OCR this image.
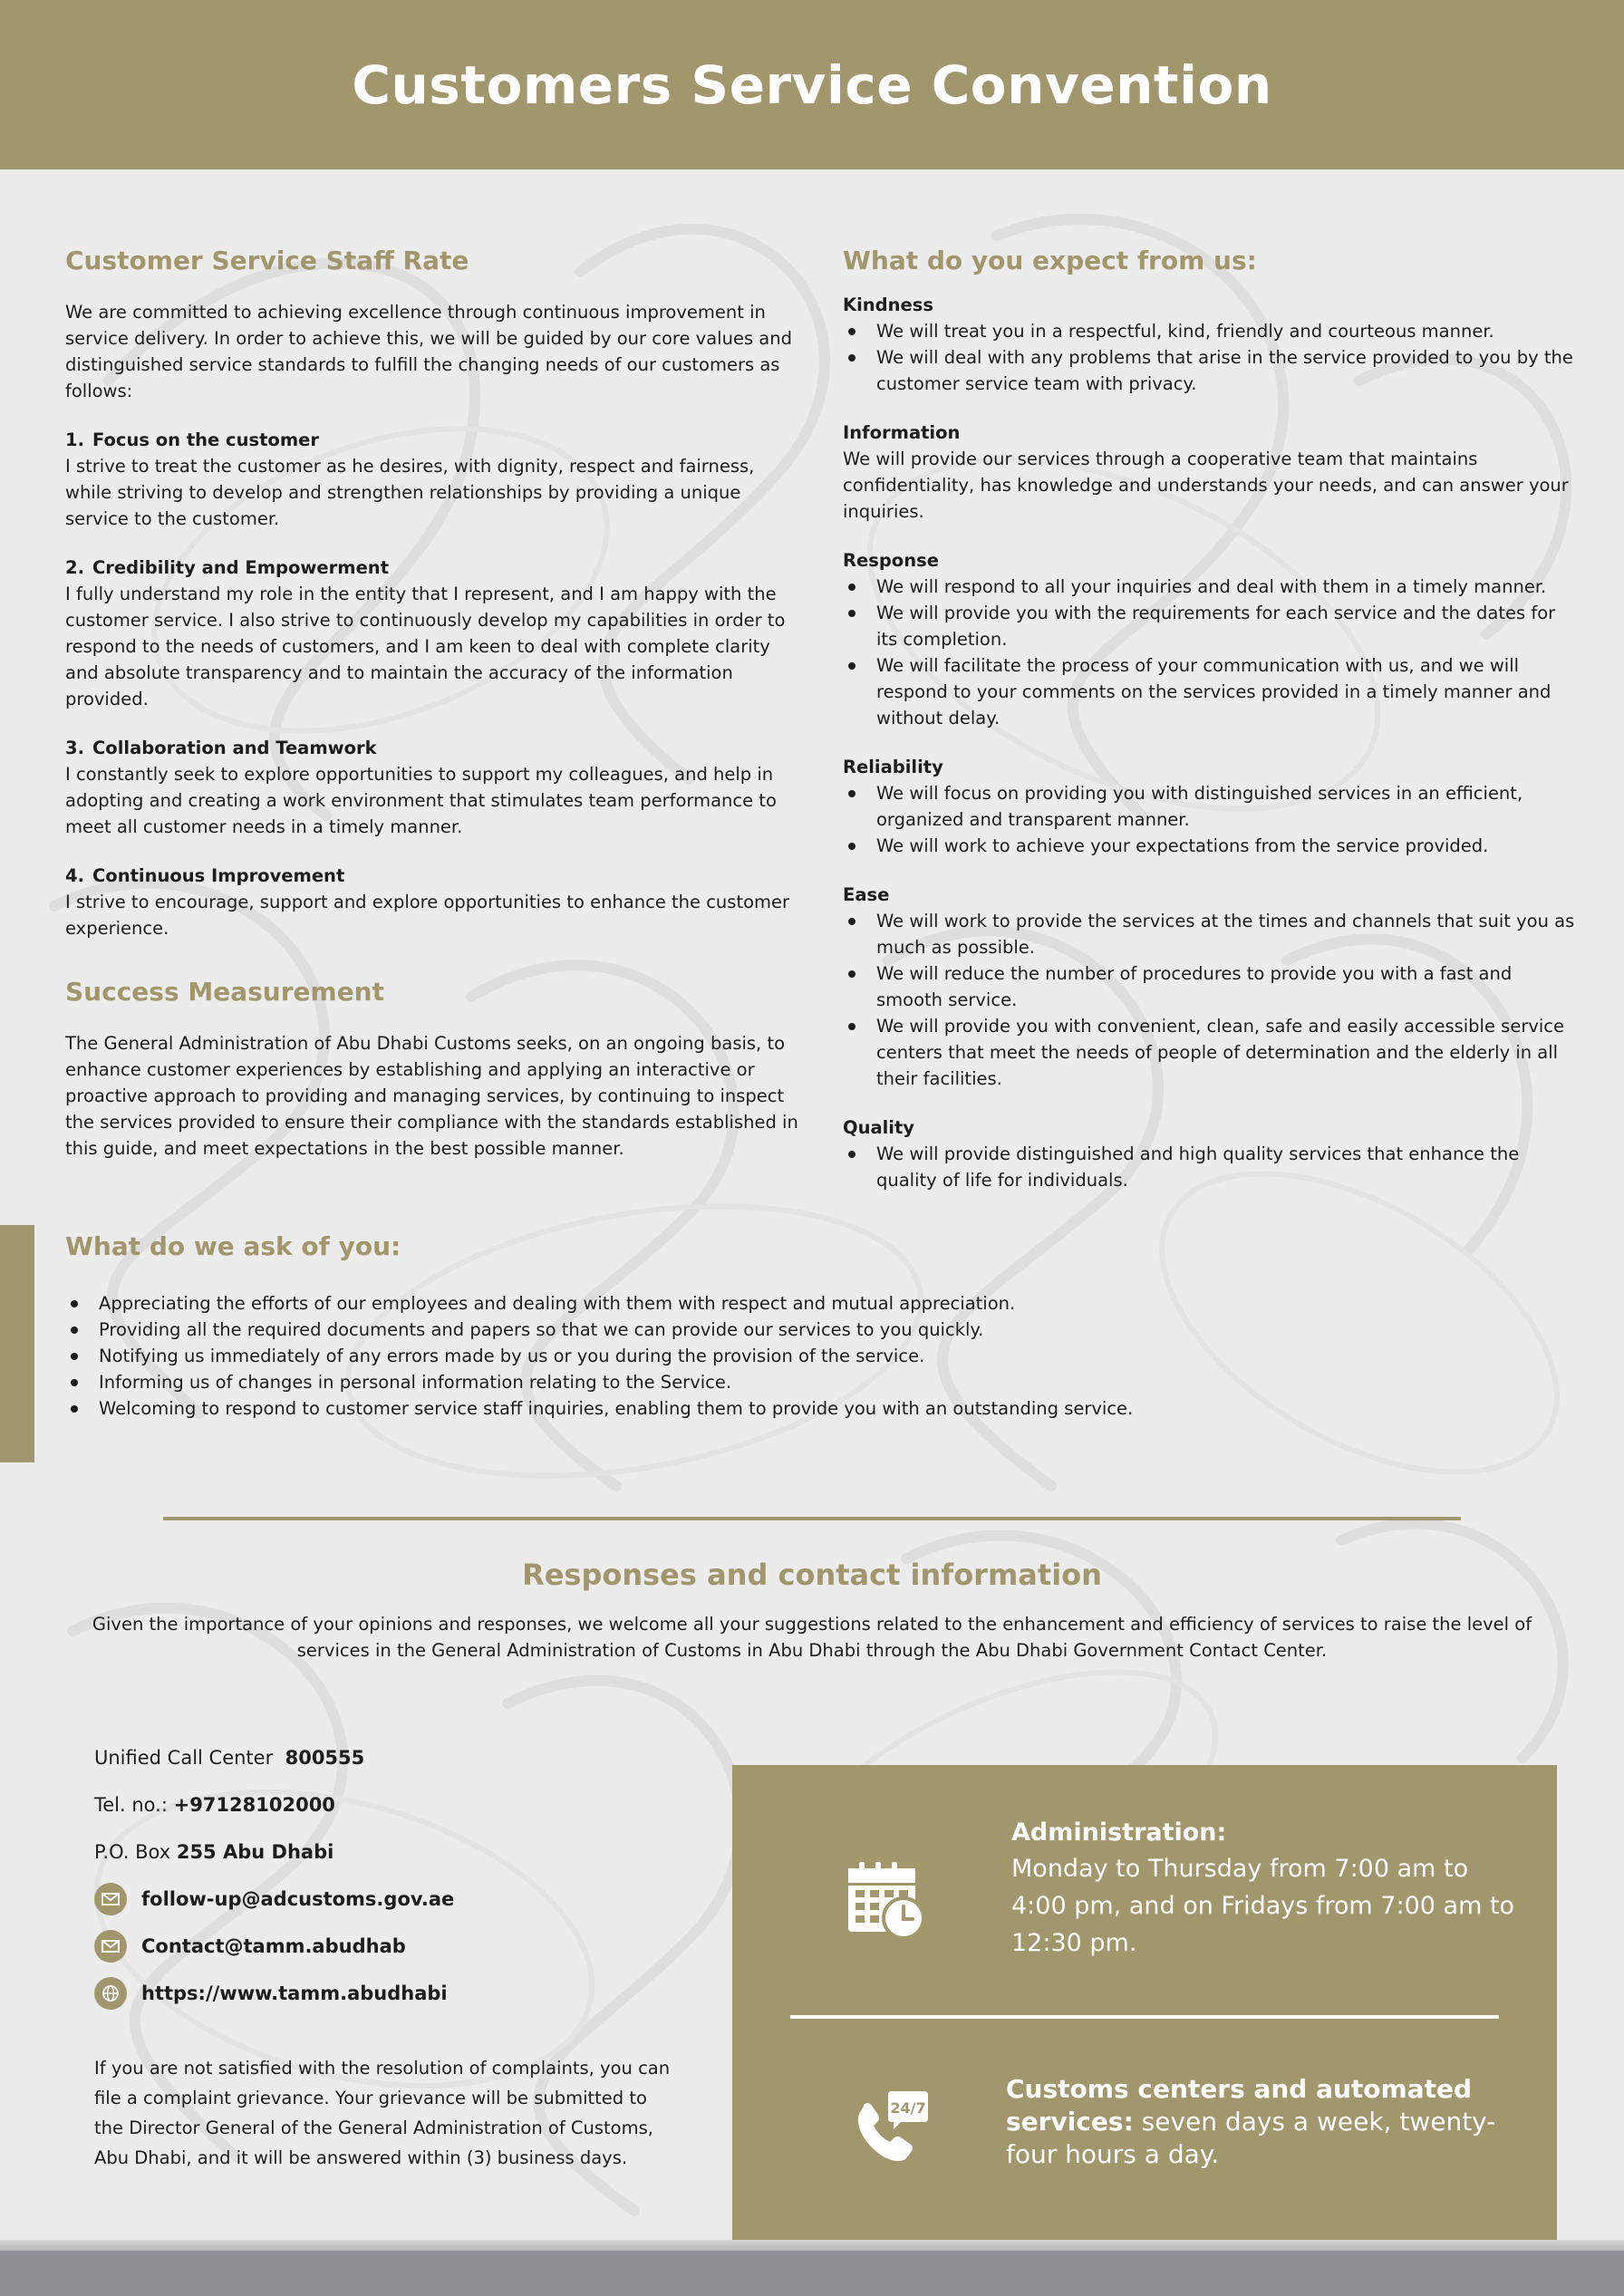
Customers Service Convention
Customer Service Staff Rate

We are committed to achieving excellence through continuous improvement in service delivery. In order to achieve this, we will be guided by our core values and distinguished service standards to fulfill the changing needs of our customers as follows:

1. Focus on the customer

I strive to treat the customer as he desires, with dignity, respect and fairness, while striving to develop and strengthen relationships by providing a unique service to the customer.

2. Credibility and Empowerment

I fully understand my role in the entity that I represent, and I am happy with the customer service. I also strive to continuously develop my capabilities in order to respond to the needs of customers, and I am keen to deal with complete clarity and absolute transparency and to maintain the accuracy of the information provided.

3. Collaboration and Teamwork

I constantly seek to explore opportunities to support my colleagues, and help in adopting and creating a work environment that stimulates team performance to meet all customer needs in a timely manner.

4. Continuous Improvement

I strive to encourage, support and explore opportunities to enhance the customer experience.

Success Measurement

The General Administration of Abu Dhabi Customs seeks, on an ongoing basis, to enhance customer experiences by establishing and applying an interactive or proactive approach to providing and managing services, by continuing to inspect the services provided to ensure their compliance with the standards established in this guide, and meet expectations in the best possible manner.

What do you expect from us:
Kindness
We will treat you in a respectful, kind, friendly and courteous manner.
We will deal with any problems that arise in the service provided to you by the customer service team with privacy.
Information

We will provide our services through a cooperative team that maintains confidentiality, has knowledge and understands your needs, and can answer your inquiries.

Response
We will respond to all your inquiries and deal with them in a timely manner.
We will provide you with the requirements for each service and the dates for its completion.
We will facilitate the process of your communication with us, and we will respond to your comments on the services provided in a timely manner and without delay.
Reliability
We will focus on providing you with distinguished services in an efficient, organized and transparent manner.
We will work to achieve your expectations from the service provided.
Ease
We will work to provide the services at the times and channels that suit you as much as possible.
We will reduce the number of procedures to provide you with a fast and smooth service.
We will provide you with convenient, clean, safe and easily accessible service centers that meet the needs of people of determination and the elderly in all their facilities.
Quality
We will provide distinguished and high quality services that enhance the quality of life for individuals.
What do we ask of you:
Appreciating the efforts of our employees and dealing with them with respect and mutual appreciation.
Providing all the required documents and papers so that we can provide our services to you quickly.
Notifying us immediately of any errors made by us or you during the provision of the service.
Informing us of changes in personal information relating to the Service.
Welcoming to respond to customer service staff inquiries, enabling them to provide you with an outstanding service.
Responses and contact information

Given the importance of your opinions and responses, we welcome all your suggestions related to the enhancement and efficiency of services to raise the level of services in the General Administration of Customs in Abu Dhabi through the Abu Dhabi Government Contact Center.

Unified Call Center
800555
Tel. no.:
+97128102000
P.O. Box
255 Abu Dhabi
follow-up@adcustoms.gov.ae
Contact@tamm.abudhab
https://www.tamm.abudhabi

If you are not satisfied with the resolution of complaints, you can file a complaint grievance. Your grievance will be submitted to the Director General of the General Administration of Customs, Abu Dhabi, and it will be answered within (3) business days.

Administration:
Monday to Thursday from 7:00 am to 4:00 pm, and on Fridays from 7:00 am to 12:30 pm.
24/7
Customs centers and automated services: seven days a week, twenty-four hours a day.
